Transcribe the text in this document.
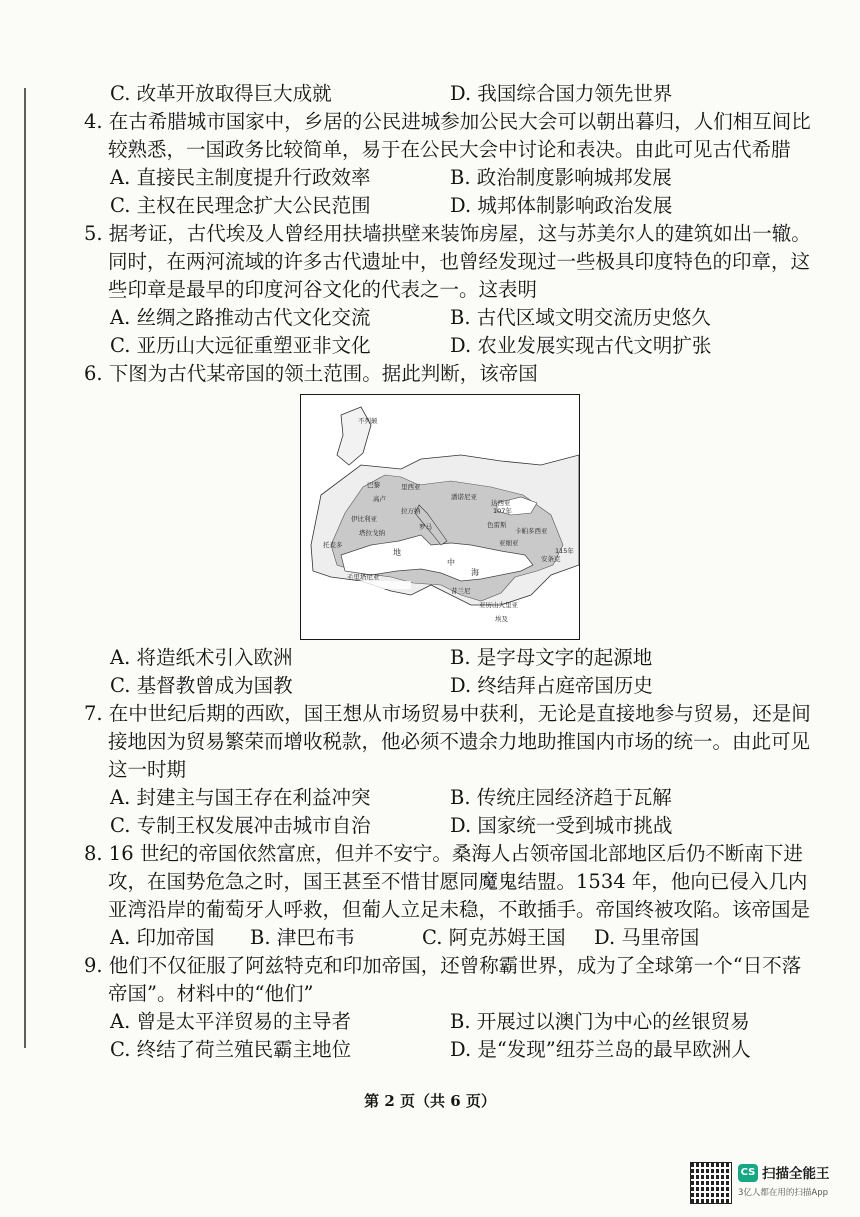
C. 改革开放取得巨大成就	D. 我国综合国力领先世界

4. 在古希腊城市国家中，乡居的公民进城参加公民大会可以朝出暮归，人们相互间比较熟悉，一国政务比较简单，易于在公民大会中讨论和表决。由此可见古代希腊

A. 直接民主制度提升行政效率	B. 政治制度影响城邦发展
C. 主权在民理念扩大公民范围	D. 城邦体制影响政治发展

5. 据考证，古代埃及人曾经用扶墙拱壁来装饰房屋，这与苏美尔人的建筑如出一辙。同时，在两河流域的许多古代遗址中，也曾经发现过一些极具印度特色的印章，这些印章是最早的印度河谷文化的代表之一。这表明

A. 丝绸之路推动古代文化交流	B. 古代区域文明交流历史悠久
C. 亚历山大远征重塑亚非文化	D. 农业发展实现古代文明扩张

6. 下图为古代某帝国的领土范围。据此判断，该帝国

不列颠
巴黎	里西亚
高卢	潘诺尼亚
达西亚
107年
伊比利亚
拉万纳
罗马	色雷斯
塔拉戈纳
托麦多
地
中
海
卡帕多西亚
亚细亚
115年
安条克
毛里塔尼亚
昔兰尼
亚历山大里亚
埃及
A. 将造纸术引入欧洲	B. 是字母文字的起源地
C. 基督教曾成为国教	D. 终结拜占庭帝国历史

7. 在中世纪后期的西欧，国王想从市场贸易中获利，无论是直接地参与贸易，还是间接地因为贸易繁荣而增收税款，他必须不遗余力地助推国内市场的统一。由此可见这一时期

A. 封建主与国王存在利益冲突	B. 传统庄园经济趋于瓦解
C. 专制王权发展冲击城市自治	D. 国家统一受到城市挑战

8. 16 世纪的帝国依然富庶，但并不安宁。桑海人占领帝国北部地区后仍不断南下进攻，在国势危急之时，国王甚至不惜甘愿同魔鬼结盟。1534 年，他向已侵入几内亚湾沿岸的葡萄牙人呼救，但葡人立足未稳，不敢插手。帝国终被攻陷。该帝国是

A. 印加帝国	B. 津巴布韦	C. 阿克苏姆王国	D. 马里帝国

9. 他们不仅征服了阿兹特克和印加帝国，还曾称霸世界，成为了全球第一个“日不落帝国”。材料中的“他们”

A. 曾是太平洋贸易的主导者	B. 开展过以澳门为中心的丝银贸易
C. 终结了荷兰殖民霸主地位	D. 是“发现”纽芬兰岛的最早欧洲人
第 2 页（共 6 页）
CS 扫描全能王
3亿人都在用的扫描App
